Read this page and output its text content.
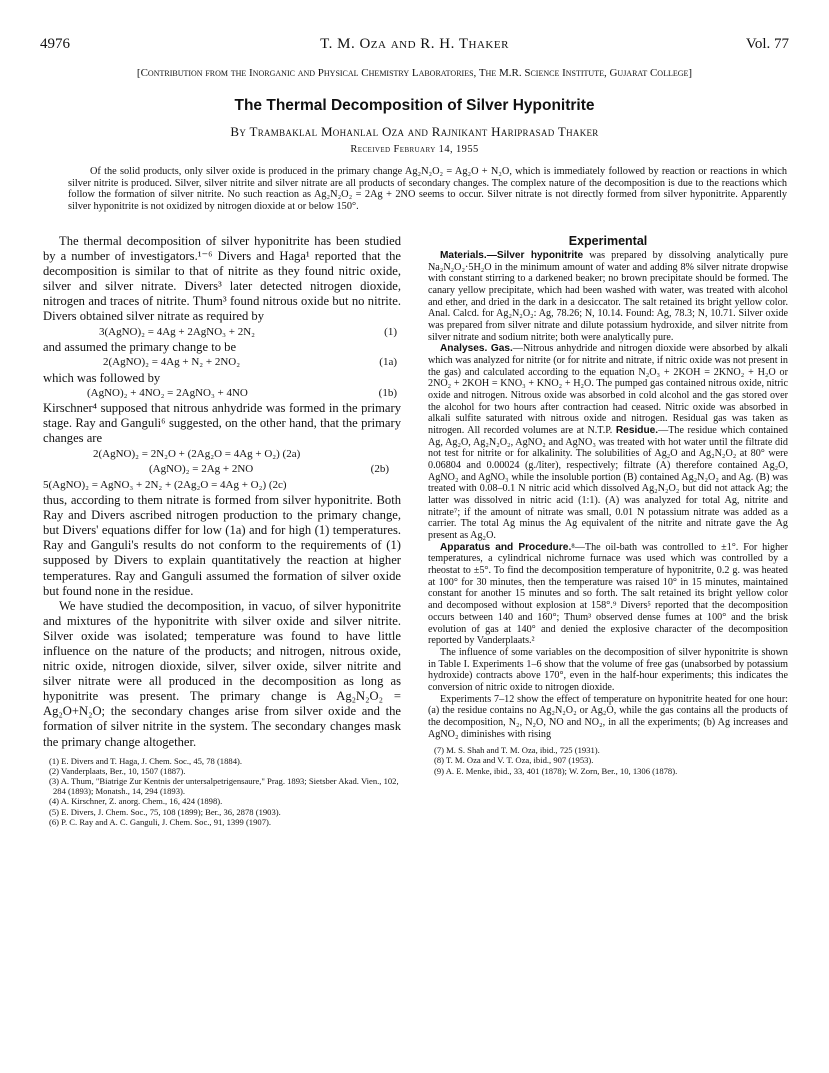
4976	T. M. Oza and R. H. Thaker	Vol. 77
[Contribution from the Inorganic and Physical Chemistry Laboratories, The M.R. Science Institute, Gujarat College]
The Thermal Decomposition of Silver Hyponitrite
By Trambaklal Mohanlal Oza and Rajnikant Hariprasad Thaker
Received February 14, 1955
Of the solid products, only silver oxide is produced in the primary change Ag₂N₂O₂ = Ag₂O + N₂O, which is immediately followed by reaction or reactions in which silver nitrite is produced. Silver, silver nitrite and silver nitrate are all products of secondary changes. The complex nature of the decomposition is due to the reactions which follow the formation of silver nitrite. No such reaction as Ag₂N₂O₂ = 2Ag + 2NO seems to occur. Silver nitrate is not directly formed from silver hyponitrite. Apparently silver hyponitrite is not oxidized by nitrogen dioxide at or below 150°.

The thermal decomposition of silver hyponitrite has been studied by a number of investigators.¹⁻⁶ Divers and Haga¹ reported that the decomposition is similar to that of nitrite as they found nitric oxide, silver and silver nitrate. Divers³ later detected nitrogen dioxide, nitrogen and traces of nitrite. Thum³ found nitrous oxide but no nitrite. Divers obtained silver nitrate as required by

3(AgNO)₂ = 4Ag + 2AgNO₃ + 2N₂	(1)

and assumed the primary change to be

2(AgNO)₂ = 4Ag + N₂ + 2NO₂	(1a)

which was followed by

(AgNO)₂ + 4NO₂ = 2AgNO₃ + 4NO	(1b)

Kirschner⁴ supposed that nitrous anhydride was formed in the primary stage. Ray and Ganguli⁶ suggested, on the other hand, that the primary changes are

2(AgNO)₂ = 2N₂O + (2Ag₂O = 4Ag + O₂) (2a)
(AgNO)₂ = 2Ag + 2NO	(2b)
5(AgNO)₂ = AgNO₃ + 2N₂ + (2Ag₂O = 4Ag + O₂) (2c)

thus, according to them nitrate is formed from silver hyponitrite. Both Ray and Divers ascribed nitrogen production to the primary change, but Divers' equations differ for low (1a) and for high (1) temperatures. Ray and Ganguli's results do not conform to the requirements of (1) supposed by Divers to explain quantitatively the reaction at higher temperatures. Ray and Ganguli assumed the formation of silver oxide but found none in the residue.

We have studied the decomposition, in vacuo, of silver hyponitrite and mixtures of the hyponitrite with silver oxide and silver nitrite. Silver oxide was isolated; temperature was found to have little influence on the nature of the products; and nitrogen, nitrous oxide, nitric oxide, nitrogen dioxide, silver, silver oxide, silver nitrite and silver nitrate were all produced in the decomposition as long as hyponitrite was present. The primary change is Ag₂N₂O₂ = Ag₂O+N₂O; the secondary changes arise from silver oxide and the formation of silver nitrite in the system. The secondary changes mask the primary change altogether.

(1) E. Divers and T. Haga, J. Chem. Soc., 45, 78 (1884).
(2) Vanderplaats, Ber., 10, 1507 (1887).
(3) A. Thum, "Biatrige Zur Kentnis der untersalpetrigensaure," Prag. 1893; Sietsber Akad. Vien., 102, 284 (1893); Monatsh., 14, 294 (1893).
(4) A. Kirschner, Z. anorg. Chem., 16, 424 (1898).
(5) E. Divers, J. Chem. Soc., 75, 108 (1899); Ber., 36, 2878 (1903).
(6) P. C. Ray and A. C. Ganguli, J. Chem. Soc., 91, 1399 (1907).
Experimental

Materials.—Silver hyponitrite was prepared by dissolving analytically pure Na₂N₂O₂·5H₂O in the minimum amount of water and adding 8% silver nitrate dropwise with constant stirring to a darkened beaker; no brown precipitate should be formed. The canary yellow precipitate, which had been washed with water, was treated with alcohol and ether, and dried in the dark in a desiccator. The salt retained its bright yellow color. Anal. Calcd. for Ag₂N₂O₂: Ag, 78.26; N, 10.14. Found: Ag, 78.3; N, 10.71. Silver oxide was prepared from silver nitrate and dilute potassium hydroxide, and silver nitrite from silver nitrate and sodium nitrite; both were analytically pure.

Analyses. Gas.—Nitrous anhydride and nitrogen dioxide were absorbed by alkali which was analyzed for nitrite (or for nitrite and nitrate, if nitric oxide was not present in the gas) and calculated according to the equation N₂O₃ + 2KOH = 2KNO₂ + H₂O or 2NO₂ + 2KOH = KNO₃ + KNO₂ + H₂O. The pumped gas contained nitrous oxide, nitric oxide and nitrogen. Nitrous oxide was absorbed in cold alcohol and the gas stored over the alcohol for two hours after contraction had ceased. Nitric oxide was absorbed in alkali sulfite saturated with nitrous oxide and nitrogen. Residual gas was taken as nitrogen. All recorded volumes are at N.T.P. Residue.—The residue which contained Ag, Ag₂O, Ag₂N₂O₂, AgNO₂ and AgNO₃ was treated with hot water until the filtrate did not test for nitrite or for alkalinity. The solubilities of Ag₂O and Ag₂N₂O₂ at 80° were 0.06804 and 0.00024 (g./liter), respectively; filtrate (A) therefore contained Ag₂O, AgNO₂ and AgNO₃ while the insoluble portion (B) contained Ag₂N₂O₂ and Ag. (B) was treated with 0.08–0.1 N nitric acid which dissolved Ag₂N₂O₂ but did not attack Ag; the latter was dissolved in nitric acid (1:1). (A) was analyzed for total Ag, nitrite and nitrate⁷; if the amount of nitrate was small, 0.01 N potassium nitrate was added as a carrier. The total Ag minus the Ag equivalent of the nitrite and nitrate gave the Ag present as Ag₂O.

Apparatus and Procedure.⁸—The oil-bath was controlled to ±1°. For higher temperatures, a cylindrical nichrome furnace was used which was controlled by a rheostat to ±5°. To find the decomposition temperature of hyponitrite, 0.2 g. was heated at 100° for 30 minutes, then the temperature was raised 10° in 15 minutes, maintained constant for another 15 minutes and so forth. The salt retained its bright yellow color and decomposed without explosion at 158°.⁹ Divers⁵ reported that the decomposition occurs between 140 and 160°; Thum³ observed dense fumes at 100° and the brisk evolution of gas at 140° and denied the explosive character of the decomposition reported by Vanderplaats.²

The influence of some variables on the decomposition of silver hyponitrite is shown in Table I. Experiments 1–6 show that the volume of free gas (unabsorbed by potassium hydroxide) contracts above 170°, even in the half-hour experiments; this indicates the conversion of nitric oxide to nitrogen dioxide.

Experiments 7–12 show the effect of temperature on hyponitrite heated for one hour: (a) the residue contains no Ag₂N₂O₂ or Ag₂O, while the gas contains all the products of the decomposition, N₂, N₂O, NO and NO₂, in all the experiments; (b) Ag increases and AgNO₂ diminishes with rising

(7) M. S. Shah and T. M. Oza, ibid., 725 (1931).
(8) T. M. Oza and V. T. Oza, ibid., 907 (1953).
(9) A. E. Menke, ibid., 33, 401 (1878); W. Zorn, Ber., 10, 1306 (1878).
